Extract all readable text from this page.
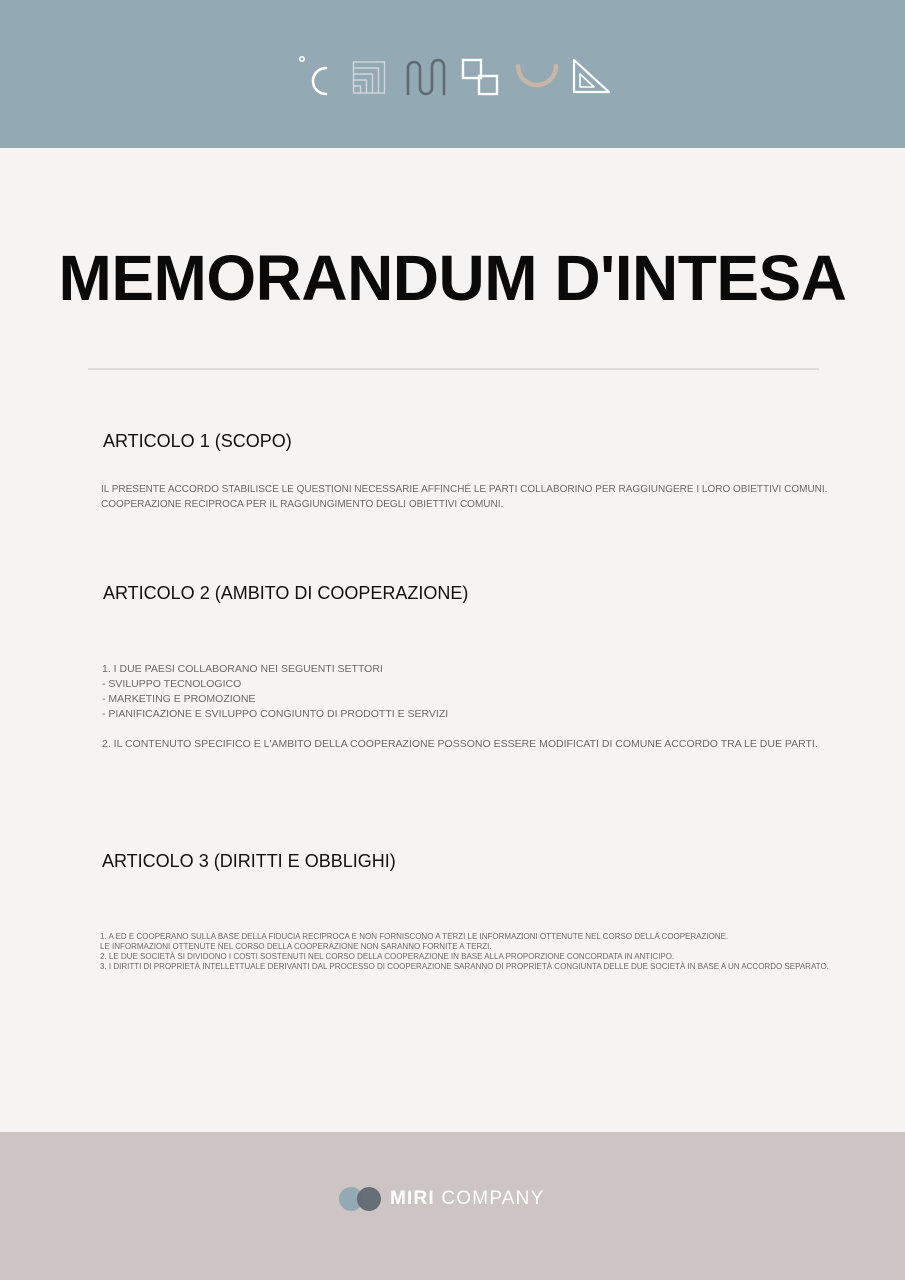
MEMORANDUM D'INTESA
ARTICOLO 1 (SCOPO)

IL PRESENTE ACCORDO STABILISCE LE QUESTIONI NECESSARIE AFFINCHÉ LE PARTI COLLABORINO PER RAGGIUNGERE I LORO OBIETTIVI COMUNI.

COOPERAZIONE RECIPROCA PER IL RAGGIUNGIMENTO DEGLI OBIETTIVI COMUNI.

ARTICOLO 2 (AMBITO DI COOPERAZIONE)

1. I DUE PAESI COLLABORANO NEI SEGUENTI SETTORI

- SVILUPPO TECNOLOGICO

- MARKETING E PROMOZIONE

- PIANIFICAZIONE E SVILUPPO CONGIUNTO DI PRODOTTI E SERVIZI

2. IL CONTENUTO SPECIFICO E L'AMBITO DELLA COOPERAZIONE POSSONO ESSERE MODIFICATI DI COMUNE ACCORDO TRA LE DUE PARTI.

ARTICOLO 3 (DIRITTI E OBBLIGHI)

1. A ED E COOPERANO SULLA BASE DELLA FIDUCIA RECIPROCA E NON FORNISCONO A TERZI LE INFORMAZIONI OTTENUTE NEL CORSO DELLA COOPERAZIONE.

LE INFORMAZIONI OTTENUTE NEL CORSO DELLA COOPERAZIONE NON SARANNO FORNITE A TERZI.

2. LE DUE SOCIETÀ SI DIVIDONO I COSTI SOSTENUTI NEL CORSO DELLA COOPERAZIONE IN BASE ALLA PROPORZIONE CONCORDATA IN ANTICIPO.

3. I DIRITTI DI PROPRIETÀ INTELLETTUALE DERIVANTI DAL PROCESSO DI COOPERAZIONE SARANNO DI PROPRIETÀ CONGIUNTA DELLE DUE SOCIETÀ IN BASE A UN ACCORDO SEPARATO.

MIRI COMPANY
